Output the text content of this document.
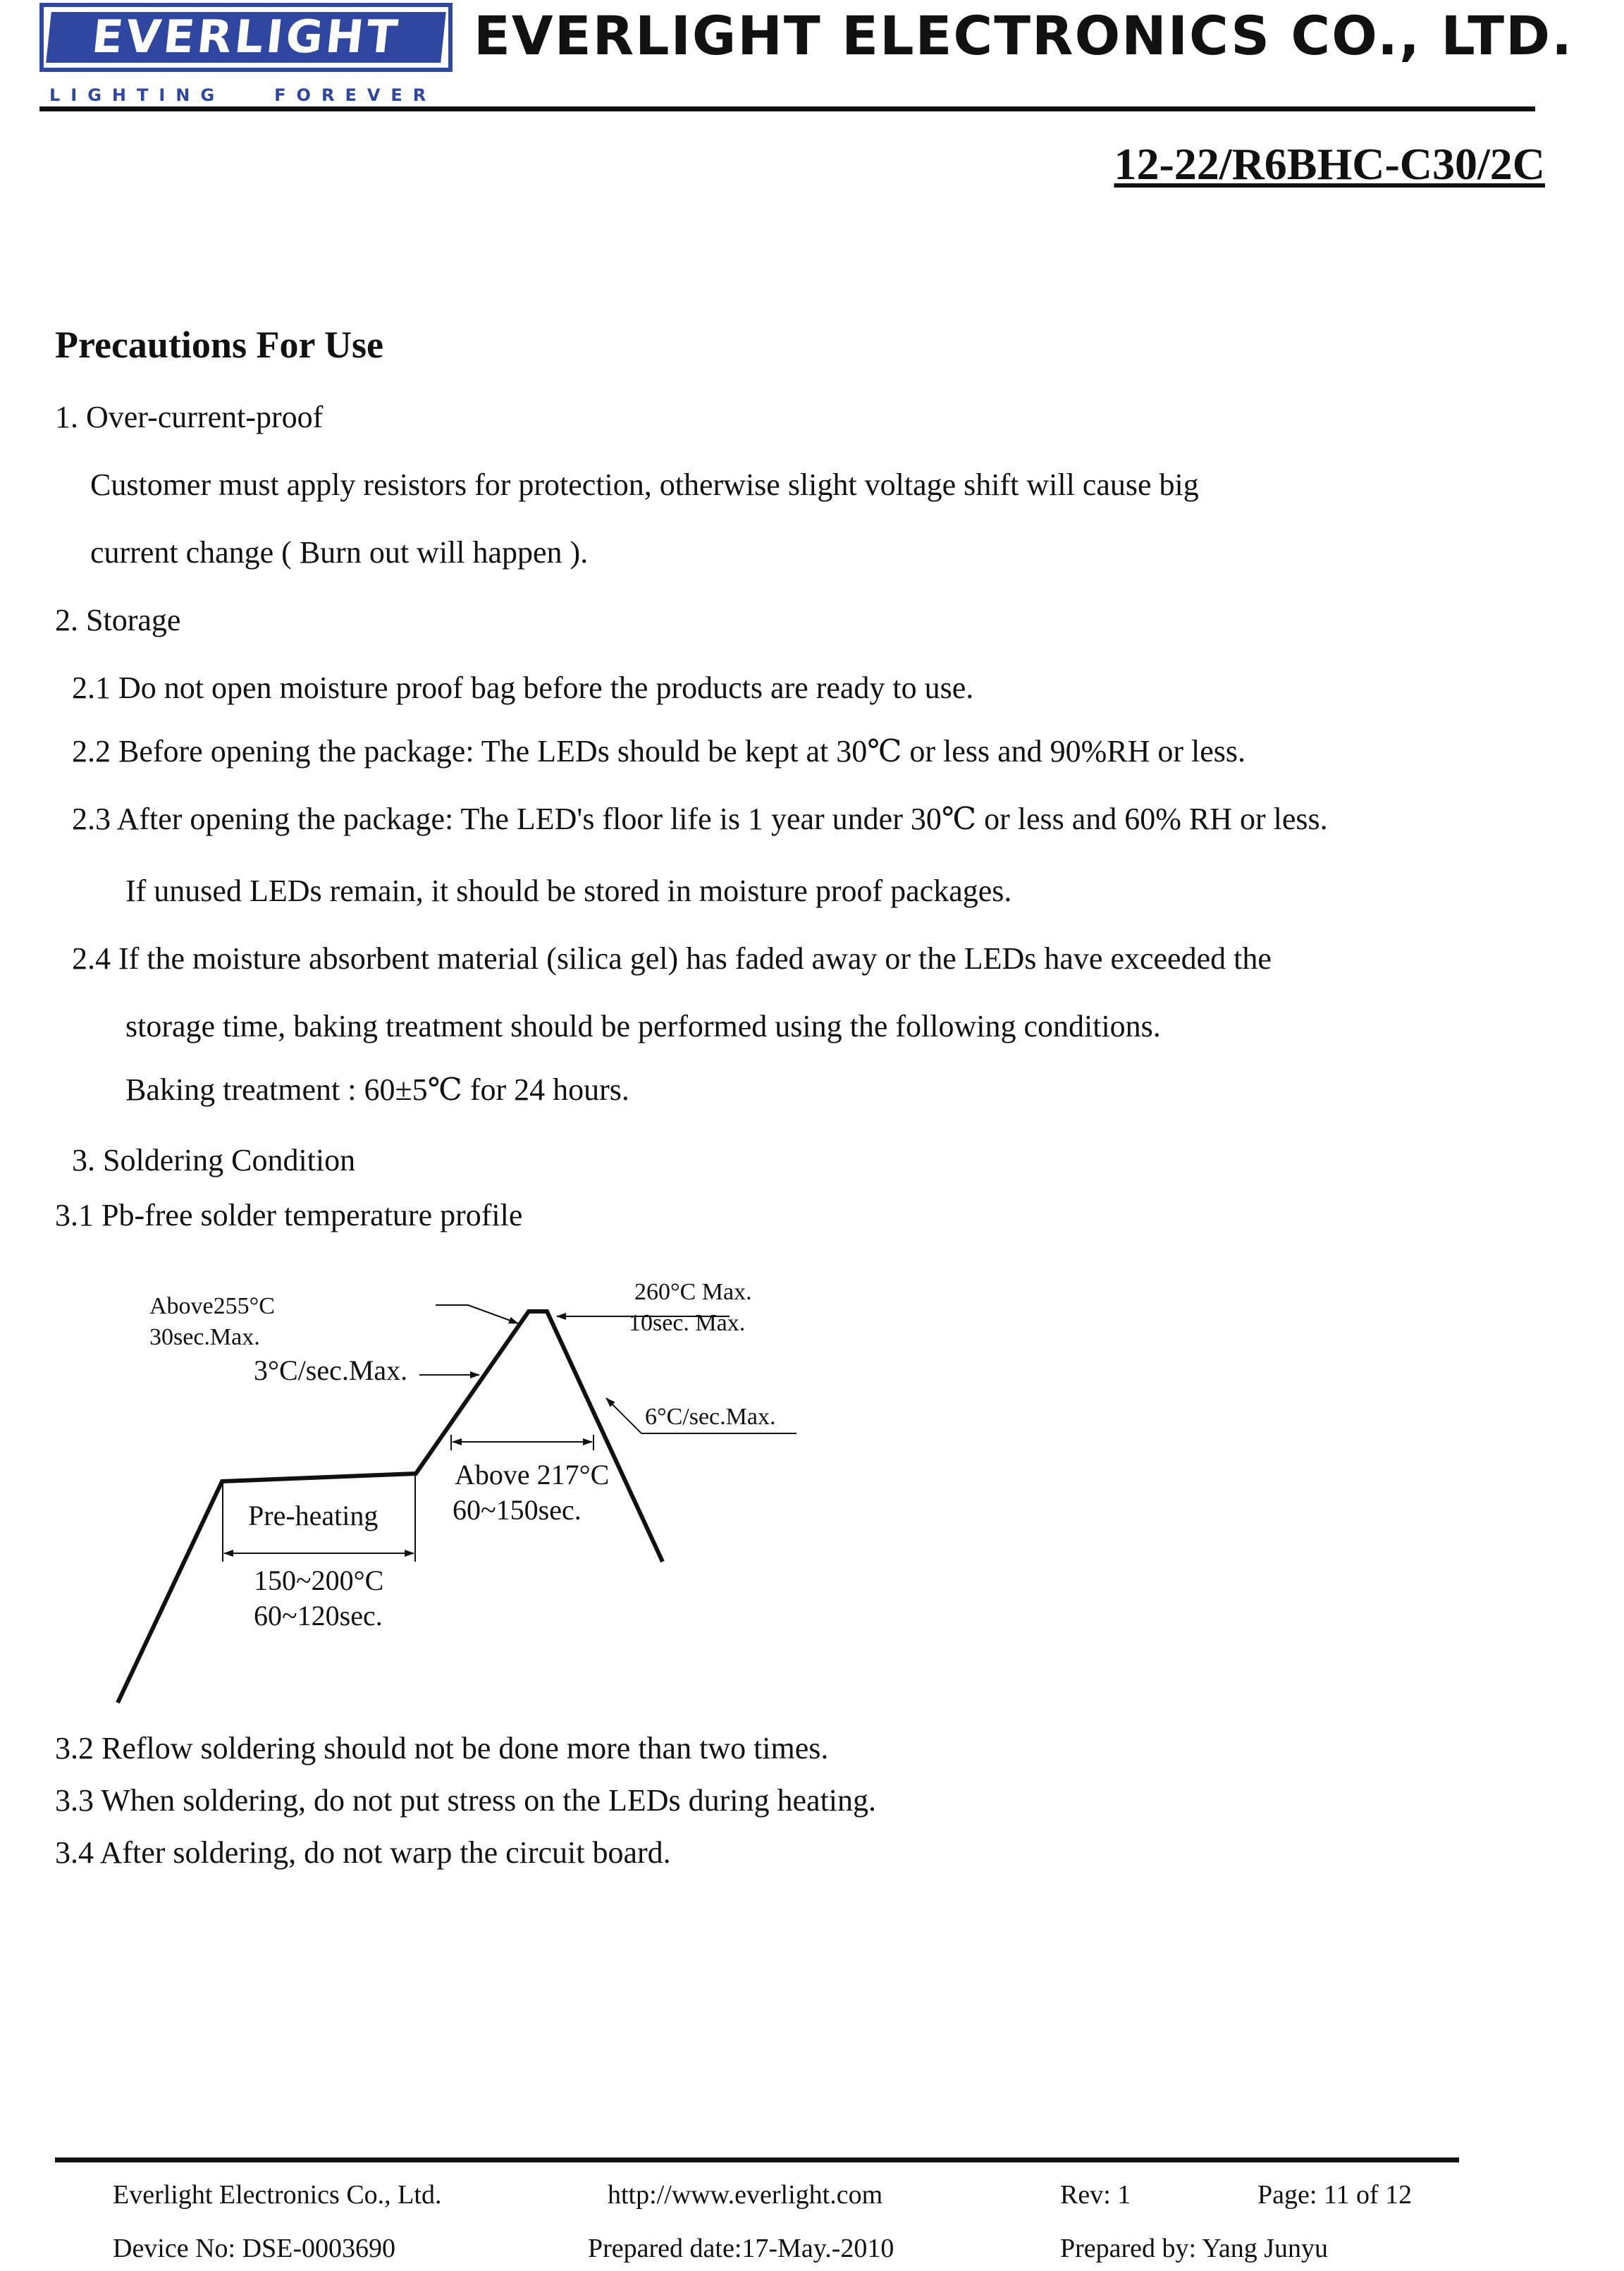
EVERLIGHT
LIGHTING   FOREVER
EVERLIGHT ELECTRONICS CO., LTD.
12-22/R6BHC-C30/2C
Precautions For Use
1. Over-current-proof
Customer must apply resistors for protection, otherwise slight voltage shift will cause big
current change ( Burn out will happen ).
2. Storage
2.1 Do not open moisture proof bag before the products are ready to use.
2.2 Before opening the package: The LEDs should be kept at 30℃ or less and 90%RH or less.
2.3 After opening the package: The LED's floor life is 1 year under 30℃ or less and 60% RH or less.
If unused LEDs remain, it should be stored in moisture proof packages.
2.4 If the moisture absorbent material (silica gel) has faded away or the LEDs have exceeded the
storage time, baking treatment should be performed using the following conditions.
Baking treatment : 60±5℃ for 24 hours.
3. Soldering Condition
3.1 Pb-free solder temperature profile
Above255°C
30sec.Max.
260°C Max.
10sec. Max.
3°C/sec.Max.
6°C/sec.Max.
Above 217°C
60~150sec.
Pre-heating
150~200°C
60~120sec.
3.2 Reflow soldering should not be done more than two times.
3.3 When soldering, do not put stress on the LEDs during heating.
3.4 After soldering, do not warp the circuit board.
Everlight Electronics Co., Ltd.	http://www.everlight.com	Rev: 1	Page: 11 of 12
Device No: DSE-0003690	Prepared date:17-May.-2010	Prepared by: Yang Junyu
